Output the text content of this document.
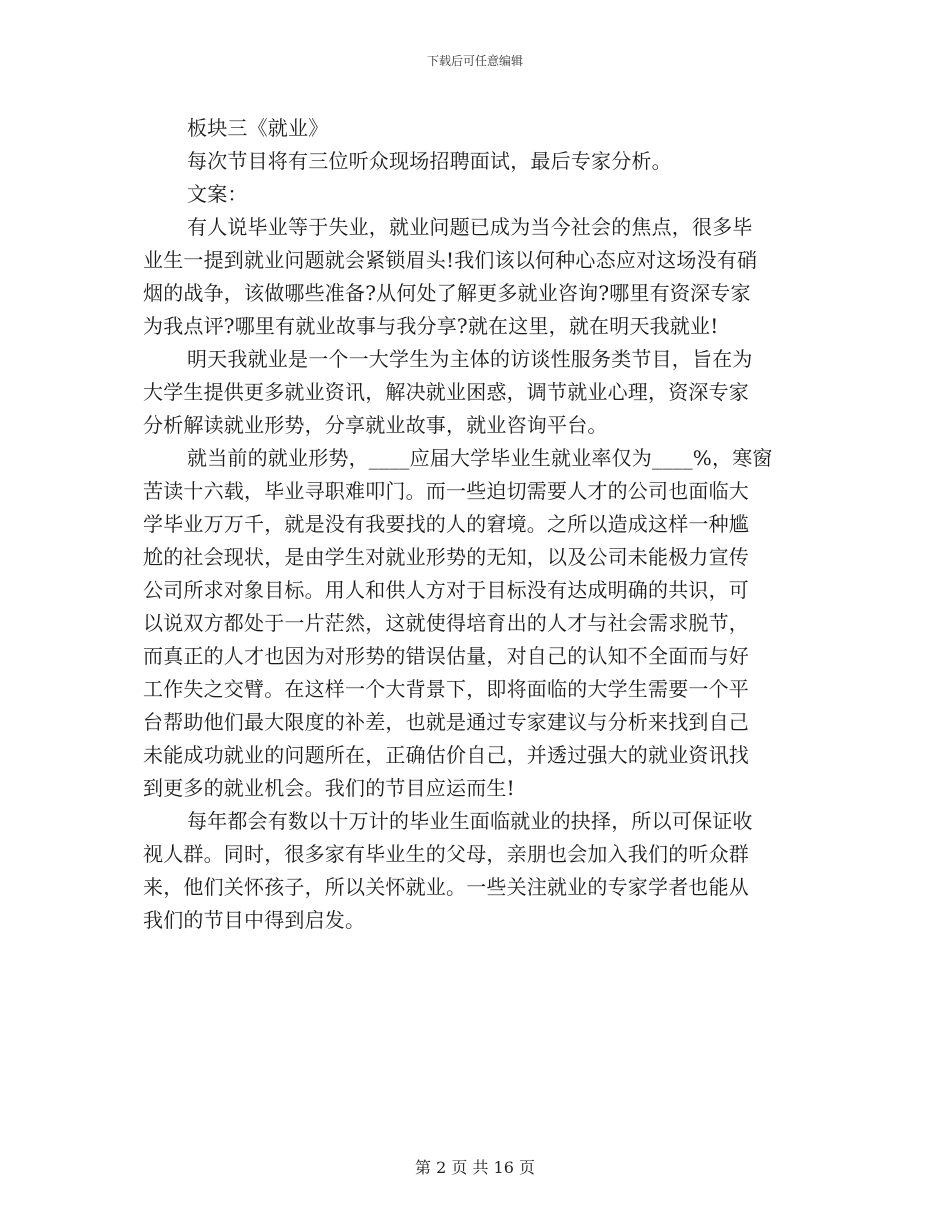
下载后可任意编辑
板块三《就业》
每次节目将有三位听众现场招聘面试，最后专家分析。
文案：
有人说毕业等于失业，就业问题已成为当今社会的焦点，很多毕
业生一提到就业问题就会紧锁眉头!我们该以何种心态应对这场没有硝
烟的战争，该做哪些准备?从何处了解更多就业咨询?哪里有资深专家
为我点评?哪里有就业故事与我分享?就在这里，就在明天我就业!
明天我就业是一个一大学生为主体的访谈性服务类节目，旨在为
大学生提供更多就业资讯，解决就业困惑，调节就业心理，资深专家
分析解读就业形势，分享就业故事，就业咨询平台。
就当前的就业形势，____应届大学毕业生就业率仅为____%，寒窗
苦读十六载，毕业寻职难叩门。而一些迫切需要人才的公司也面临大
学毕业万万千，就是没有我要找的人的窘境。之所以造成这样一种尴
尬的社会现状，是由学生对就业形势的无知，以及公司未能极力宣传
公司所求对象目标。用人和供人方对于目标没有达成明确的共识，可
以说双方都处于一片茫然，这就使得培育出的人才与社会需求脱节，
而真正的人才也因为对形势的错误估量，对自己的认知不全面而与好
工作失之交臂。在这样一个大背景下，即将面临的大学生需要一个平
台帮助他们最大限度的补差，也就是通过专家建议与分析来找到自己
未能成功就业的问题所在，正确估价自己，并透过强大的就业资讯找
到更多的就业机会。我们的节目应运而生!
每年都会有数以十万计的毕业生面临就业的抉择，所以可保证收
视人群。同时，很多家有毕业生的父母，亲朋也会加入我们的听众群
来，他们关怀孩子，所以关怀就业。一些关注就业的专家学者也能从
我们的节目中得到启发。
第 2 页 共 16 页
